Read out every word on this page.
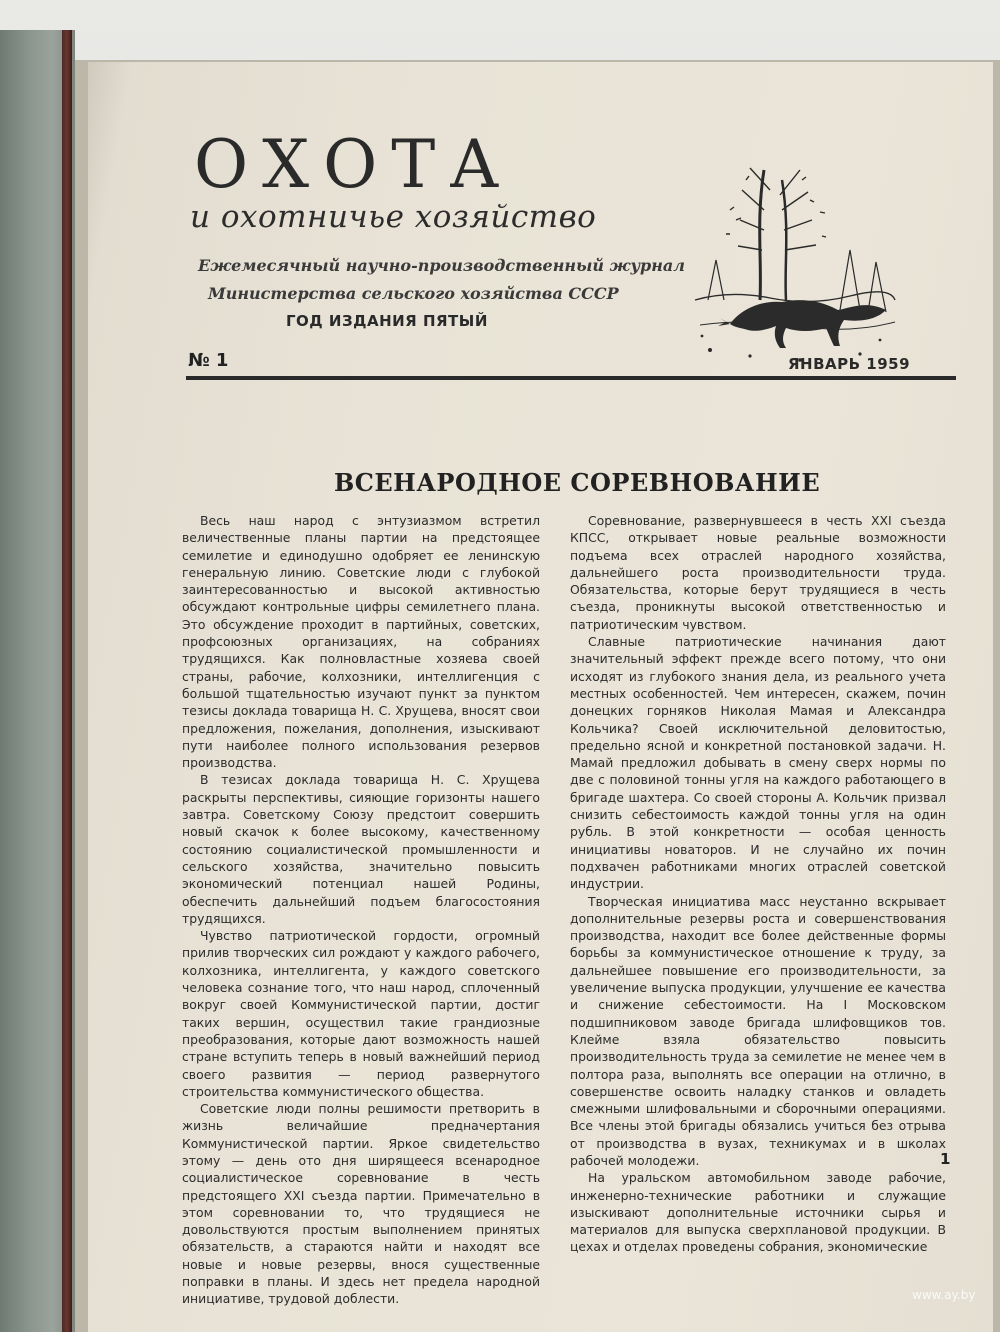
ОХОТА
и охотничье хозяйство
Ежемесячный научно-производственный журнал
Министерства сельского хозяйства СССР
ГОД ИЗДАНИЯ ПЯТЫЙ
№ 1	ЯНВАРЬ 1959
ВСЕНАРОДНОЕ СОРЕВНОВАНИЕ

Весь наш народ с энтузиазмом встретил величественные планы партии на предстоящее семилетие и единодушно одобряет ее ленинскую генеральную линию. Советские люди с глубокой заинтересованностью и высокой активностью обсуждают контрольные цифры семилетнего плана. Это обсуждение проходит в партийных, советских, профсоюзных организациях, на собраниях трудящихся. Как полновластные хозяева своей страны, рабочие, колхозники, интеллигенция с большой тщательностью изучают пункт за пунктом тезисы доклада товарища Н. С. Хрущева, вносят свои предложения, пожелания, дополнения, изыскивают пути наиболее полного использования резервов производства.

В тезисах доклада товарища Н. С. Хрущева раскрыты перспективы, сияющие горизонты нашего завтра. Советскому Союзу предстоит совершить новый скачок к более высокому, качественному состоянию социалистической промышленности и сельского хозяйства, значительно повысить экономический потенциал нашей Родины, обеспечить дальнейший подъем благосостояния трудящихся.

Чувство патриотической гордости, огромный прилив творческих сил рождают у каждого рабочего, колхозника, интеллигента, у каждого советского человека сознание того, что наш народ, сплоченный вокруг своей Коммунистической партии, достиг таких вершин, осуществил такие грандиозные преобразования, которые дают возможность нашей стране вступить теперь в новый важнейший период своего развития — период развернутого строительства коммунистического общества.

Советские люди полны решимости претворить в жизнь величайшие предначертания Коммунистической партии. Яркое свидетельство этому — день ото дня ширящееся всенародное социалистическое соревнование в честь предстоящего XXI съезда партии. Примечательно в этом соревновании то, что трудящиеся не довольствуются простым выполнением принятых обязательств, а стараются найти и находят все новые и новые резервы, внося существенные поправки в планы. И здесь нет предела народной инициативе, трудовой доблести.

Соревнование, развернувшееся в честь XXI съезда КПСС, открывает новые реальные возможности подъема всех отраслей народного хозяйства, дальнейшего роста производительности труда. Обязательства, которые берут трудящиеся в честь съезда, проникнуты высокой ответственностью и патриотическим чувством.

Славные патриотические начинания дают значительный эффект прежде всего потому, что они исходят из глубокого знания дела, из реального учета местных особенностей. Чем интересен, скажем, почин донецких горняков Николая Мамая и Александра Кольчика? Своей исключительной деловитостью, предельно ясной и конкретной постановкой задачи. Н. Мамай предложил добывать в смену сверх нормы по две с половиной тонны угля на каждого работающего в бригаде шахтера. Со своей стороны А. Кольчик призвал снизить себестоимость каждой тонны угля на один рубль. В этой конкретности — особая ценность инициативы новаторов. И не случайно их почин подхвачен работниками многих отраслей советской индустрии.

Творческая инициатива масс неустанно вскрывает дополнительные резервы роста и совершенствования производства, находит все более действенные формы борьбы за коммунистическое отношение к труду, за дальнейшее повышение его производительности, за увеличение выпуска продукции, улучшение ее качества и снижение себестоимости. На I Московском подшипниковом заводе бригада шлифовщиков тов. Клейме взяла обязательство повысить производительность труда за семилетие не менее чем в полтора раза, выполнять все операции на отлично, в совершенстве освоить наладку станков и овладеть смежными шлифовальными и сборочными операциями. Все члены этой бригады обязались учиться без отрыва от производства в вузах, техникумах и в школах рабочей молодежи.

На уральском автомобильном заводе рабочие, инженерно-технические работники и служащие изыскивают дополнительные источники сырья и материалов для выпуска сверхплановой продукции. В цехах и отделах проведены собрания, экономические

1
www.ay.by
